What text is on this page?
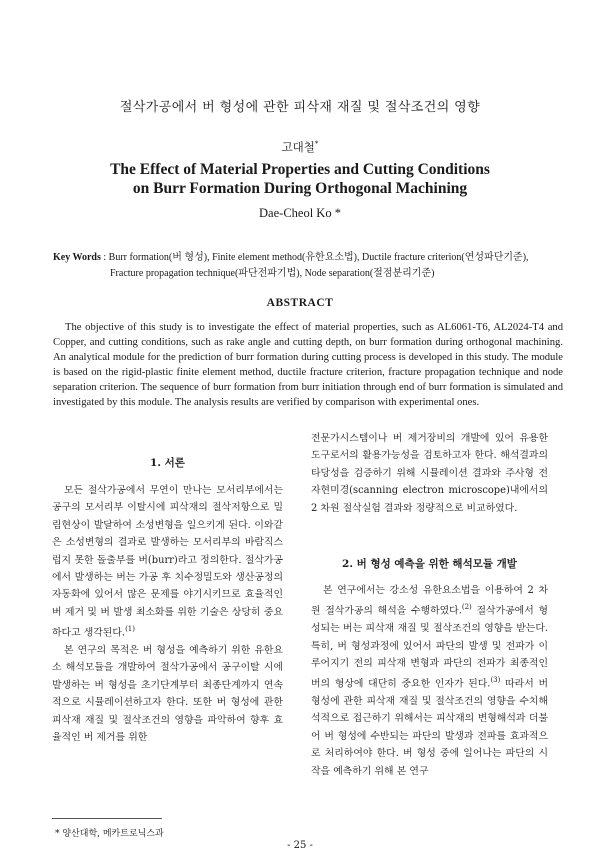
절삭가공에서 버 형성에 관한 피삭재 재질 및 절삭조건의 영향
고대철*
The Effect of Material Properties and Cutting Conditions
on Burr Formation During Orthogonal Machining
Dae-Cheol Ko *
Key Words : Burr formation(버 형성), Finite element method(유한요소법), Ductile fracture criterion(연성파단기준),
Fracture propagation technique(파단전파기법), Node separation(절점분리기준)
ABSTRACT

The objective of this study is to investigate the effect of material properties, such as AL6061-T6, AL2024-T4 and Copper, and cutting conditions, such as rake angle and cutting depth, on burr formation during orthogonal machining. An analytical module for the prediction of burr formation during cutting process is developed in this study. The module is based on the rigid-plastic finite element method, ductile fracture criterion, fracture propagation technique and node separation criterion. The sequence of burr formation from burr initiation through end of burr formation is simulated and investigated by this module. The analysis results are verified by comparison with experimental ones.

1. 서론

모든 절삭가공에서 무연이 만나는 모서리부에서는 공구의 모서리부 이탈시에 피삭재의 절삭저항으로 밀림현상이 발달하여 소성변형을 일으키게 된다. 이와같은 소성변형의 결과로 발생하는 모서리부의 바람직스럽지 못한 돌출부를 버(burr)라고 정의한다. 절삭가공에서 발생하는 버는 가공 후 치수정밀도와 생산공정의 자동화에 있어서 많은 문제를 야기시키므로 효율적인 버 제거 및 버 발생 최소화를 위한 기술은 상당히 중요하다고 생각된다.$^{(1)}$

본 연구의 목적은 버 형성을 예측하기 위한 유한요소 해석모듈을 개발하여 절삭가공에서 공구이탈 시에 발생하는 버 형성을 초기단계부터 최종단계까지 연속적으로 시뮬레이션하고자 한다. 또한 버 형성에 관한 피삭재 재질 및 절삭조건의 영향을 파악하여 향후 효율적인 버 제거를 위한

전문가시스템이나 버 제거장비의 개발에 있어 유용한 도구로서의 활용가능성을 검토하고자 한다. 해석결과의 타당성을 검증하기 위해 시뮬레이션 결과와 주사형 전자현미경(scanning electron microscope)내에서의 2 차원 절삭실험 결과와 정량적으로 비교하였다.

2. 버 형성 예측을 위한 해석모듈 개발

본 연구에서는 강소성 유한요소법을 이용하여 2 차원 절삭가공의 해석을 수행하였다.$^{(2)}$ 절삭가공에서 형성되는 버는 피삭재 재질 및 절삭조건의 영향을 받는다. 특히, 버 형성과정에 있어서 파단의 발생 및 전파가 이루어지기 전의 피삭재 변형과 파단의 전파가 최종적인 버의 형상에 대단히 중요한 인자가 된다.$^{(3)}$ 따라서 버 형성에 관한 피삭재 재질 및 절삭조건의 영향을 수치해석적으로 접근하기 위해서는 피삭재의 변형해석과 더불어 버 형성에 수반되는 파단의 발생과 전파를 효과적으로 처리하여야 한다. 버 형성 중에 일어나는 파단의 시작을 예측하기 위해 본 연구

* 양산대학, 메카트로닉스과
- 25 -
